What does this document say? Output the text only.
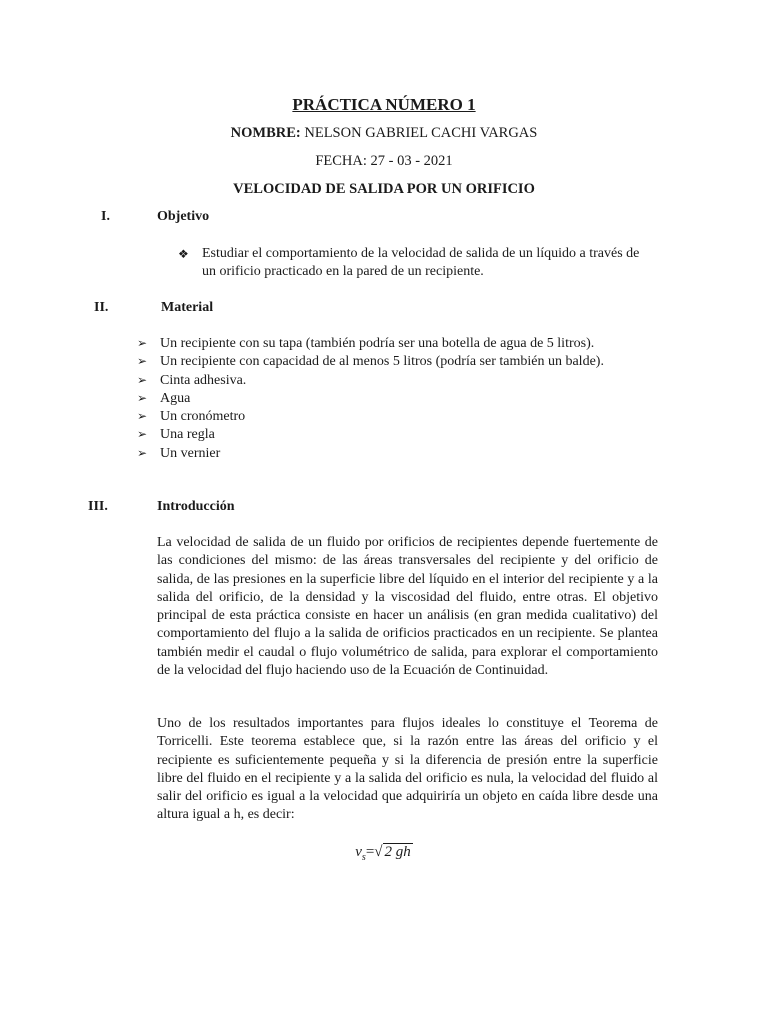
PRÁCTICA NÚMERO 1
NOMBRE: NELSON GABRIEL CACHI VARGAS
FECHA: 27 - 03 - 2021
VELOCIDAD DE SALIDA POR UN ORIFICIO
I.	Objetivo
❖ Estudiar el comportamiento de la velocidad de salida de un líquido a través de un orificio practicado en la pared de un recipiente.
II.	Material
➢ Un recipiente con su tapa (también podría ser una botella de agua de 5 litros).
➢ Un recipiente con capacidad de al menos 5 litros (podría ser también un balde).
➢ Cinta adhesiva.
➢ Agua
➢ Un cronómetro
➢ Una regla
➢ Un vernier
III.	Introducción
La velocidad de salida de un fluido por orificios de recipientes depende fuertemente de las condiciones del mismo: de las áreas transversales del recipiente y del orificio de salida, de las presiones en la superficie libre del líquido en el interior del recipiente y a la salida del orificio, de la densidad y la viscosidad del fluido, entre otras. El objetivo principal de esta práctica consiste en hacer un análisis (en gran medida cualitativo) del comportamiento del flujo a la salida de orificios practicados en un recipiente. Se plantea también medir el caudal o flujo volumétrico de salida, para explorar el comportamiento de la velocidad del flujo haciendo uso de la Ecuación de Continuidad.
Uno de los resultados importantes para flujos ideales lo constituye el Teorema de Torricelli. Este teorema establece que, si la razón entre las áreas del orificio y el recipiente es suficientemente pequeña y si la diferencia de presión entre la superficie libre del fluido en el recipiente y a la salida del orificio es nula, la velocidad del fluido al salir del orificio es igual a la velocidad que adquiriría un objeto en caída libre desde una altura igual a h, es decir:
$v_s=√$ 2 gh
